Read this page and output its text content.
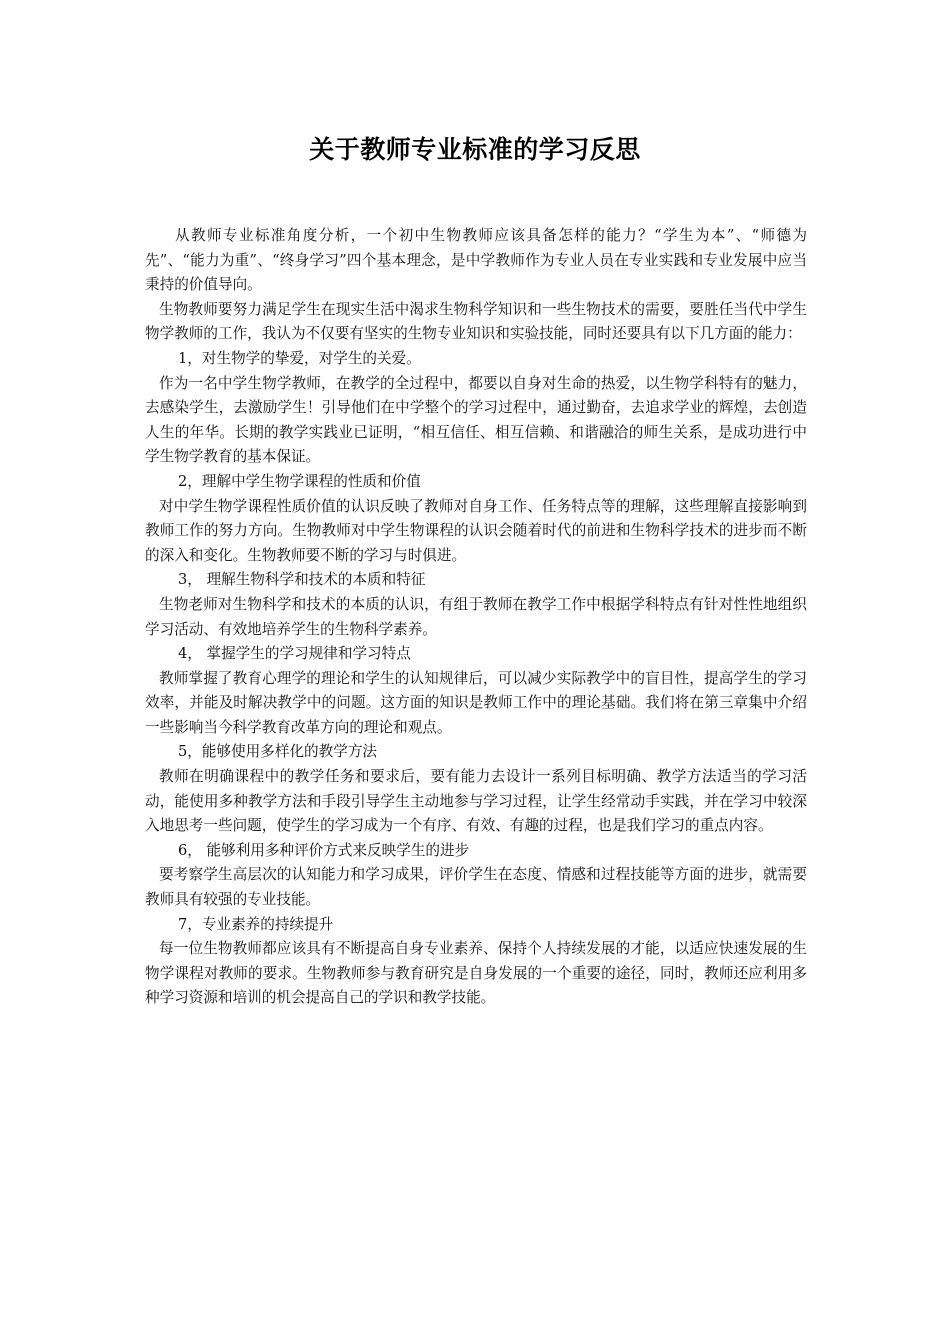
关于教师专业标准的学习反思

从教师专业标准角度分析，一个初中生物教师应该具备怎样的能力？“学生为本”、“师德为先”、“能力为重”、“终身学习”四个基本理念，是中学教师作为专业人员在专业实践和专业发展中应当秉持的价值导向。

生物教师要努力满足学生在现实生活中渴求生物科学知识和一些生物技术的需要，要胜任当代中学生物学教师的工作，我认为不仅要有坚实的生物专业知识和实验技能，同时还要具有以下几方面的能力：

1，对生物学的挚爱，对学生的关爱。

作为一名中学生物学教师，在教学的全过程中，都要以自身对生命的热爱，以生物学科特有的魅力，去感染学生，去激励学生！引导他们在中学整个的学习过程中，通过勤奋，去追求学业的辉煌，去创造人生的年华。长期的教学实践业已证明，“相互信任、相互信赖、和谐融洽的师生关系，是成功进行中学生物学教育的基本保证。

2，理解中学生物学课程的性质和价值

对中学生物学课程性质价值的认识反映了教师对自身工作、任务特点等的理解，这些理解直接影响到教师工作的努力方向。生物教师对中学生物课程的认识会随着时代的前进和生物科学技术的进步而不断的深入和变化。生物教师要不断的学习与时俱进。

3， 理解生物科学和技术的本质和特征

生物老师对生物科学和技术的本质的认识，有组于教师在教学工作中根据学科特点有针对性性地组织学习活动、有效地培养学生的生物科学素养。

4， 掌握学生的学习规律和学习特点

教师掌握了教育心理学的理论和学生的认知规律后，可以减少实际教学中的盲目性，提高学生的学习效率，并能及时解决教学中的问题。这方面的知识是教师工作中的理论基础。我们将在第三章集中介绍一些影响当今科学教育改革方向的理论和观点。

5，能够使用多样化的教学方法

教师在明确课程中的教学任务和要求后，要有能力去设计一系列目标明确、教学方法适当的学习活动，能使用多种教学方法和手段引导学生主动地参与学习过程，让学生经常动手实践，并在学习中较深入地思考一些问题，使学生的学习成为一个有序、有效、有趣的过程，也是我们学习的重点内容。

6， 能够利用多种评价方式来反映学生的进步

要考察学生高层次的认知能力和学习成果，评价学生在态度、情感和过程技能等方面的进步，就需要教师具有较强的专业技能。

7，专业素养的持续提升

每一位生物教师都应该具有不断提高自身专业素养、保持个人持续发展的才能，以适应快速发展的生物学课程对教师的要求。生物教师参与教育研究是自身发展的一个重要的途径，同时，教师还应利用多种学习资源和培训的机会提高自己的学识和教学技能。
